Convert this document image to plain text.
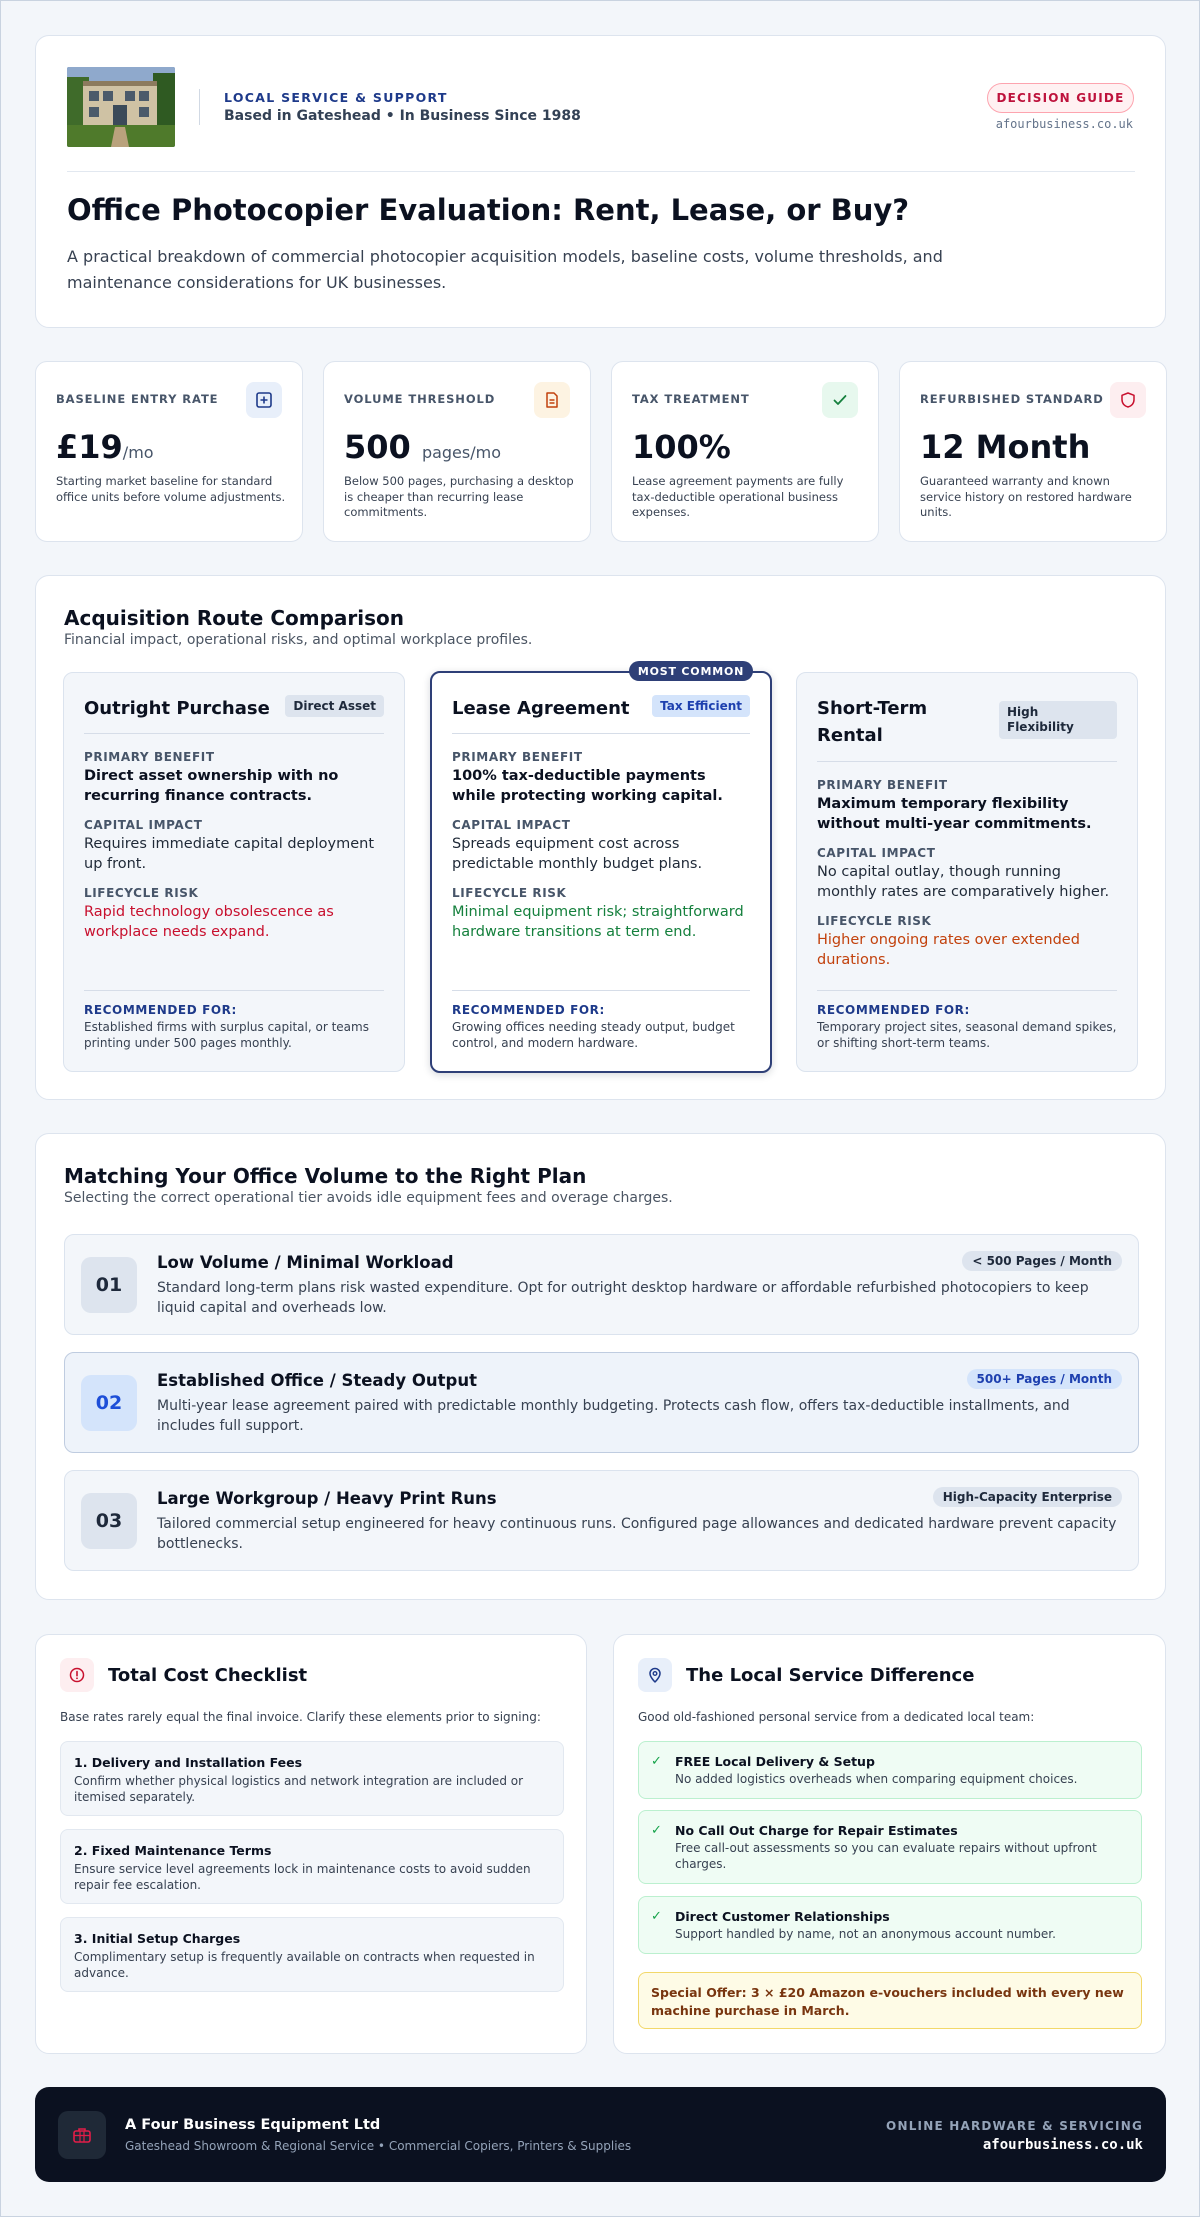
LOCAL SERVICE & SUPPORT
Based in Gateshead • In Business Since 1988
DECISION GUIDE
afourbusiness.co.uk
Office Photocopier Evaluation: Rent, Lease, or Buy?
A practical breakdown of commercial photocopier acquisition models, baseline costs, volume thresholds, and maintenance considerations for UK businesses.
BASELINE ENTRY RATE
£19/mo
Starting market baseline for standard office units before volume adjustments.
VOLUME THRESHOLD
500 pages/mo
Below 500 pages, purchasing a desktop is cheaper than recurring lease commitments.
TAX TREATMENT
100%
Lease agreement payments are fully tax-deductible operational business expenses.
REFURBISHED STANDARD
12 Month
Guaranteed warranty and known service history on restored hardware units.
Acquisition Route Comparison
Financial impact, operational risks, and optimal workplace profiles.
Outright Purchase	Direct Asset
PRIMARY BENEFIT
Direct asset ownership with no recurring finance contracts.
CAPITAL IMPACT
Requires immediate capital deployment up front.
LIFECYCLE RISK
Rapid technology obsolescence as workplace needs expand.
RECOMMENDED FOR:
Established firms with surplus capital, or teams printing under 500 pages monthly.
Lease Agreement	Tax Efficient
PRIMARY BENEFIT
100% tax-deductible payments while protecting working capital.
CAPITAL IMPACT
Spreads equipment cost across predictable monthly budget plans.
LIFECYCLE RISK
Minimal equipment risk; straightforward hardware transitions at term end.
RECOMMENDED FOR:
Growing offices needing steady output, budget control, and modern hardware.
Short-Term Rental
High Flexibility
PRIMARY BENEFIT
Maximum temporary flexibility without multi-year commitments.
CAPITAL IMPACT
No capital outlay, though running monthly rates are comparatively higher.
LIFECYCLE RISK
Higher ongoing rates over extended durations.
RECOMMENDED FOR:
Temporary project sites, seasonal demand spikes, or shifting short-term teams.
MOST COMMON
Matching Your Office Volume to the Right Plan
Selecting the correct operational tier avoids idle equipment fees and overage charges.
01
Low Volume / Minimal Workload	< 500 Pages / Month
Standard long-term plans risk wasted expenditure. Opt for outright desktop hardware or affordable refurbished photocopiers to keep liquid capital and overheads low.
02
Established Office / Steady Output	500+ Pages / Month
Multi-year lease agreement paired with predictable monthly budgeting. Protects cash flow, offers tax-deductible installments, and includes full support.
03
Large Workgroup / Heavy Print Runs	High-Capacity Enterprise
Tailored commercial setup engineered for heavy continuous runs. Configured page allowances and dedicated hardware prevent capacity bottlenecks.
Total Cost Checklist
Base rates rarely equal the final invoice. Clarify these elements prior to signing:
1. Delivery and Installation Fees
Confirm whether physical logistics and network integration are included or itemised separately.
2. Fixed Maintenance Terms
Ensure service level agreements lock in maintenance costs to avoid sudden repair fee escalation.
3. Initial Setup Charges
Complimentary setup is frequently available on contracts when requested in advance.
The Local Service Difference
Good old-fashioned personal service from a dedicated local team:
✓ FREE Local Delivery & Setup
No added logistics overheads when comparing equipment choices.
✓ No Call Out Charge for Repair Estimates
Free call-out assessments so you can evaluate repairs without upfront charges.
✓ Direct Customer Relationships
Support handled by name, not an anonymous account number.
Special Offer: 3 × £20 Amazon e-vouchers included with every new machine purchase in March.
A Four Business Equipment Ltd
Gateshead Showroom & Regional Service • Commercial Copiers, Printers & Supplies
ONLINE HARDWARE & SERVICING
afourbusiness.co.uk
